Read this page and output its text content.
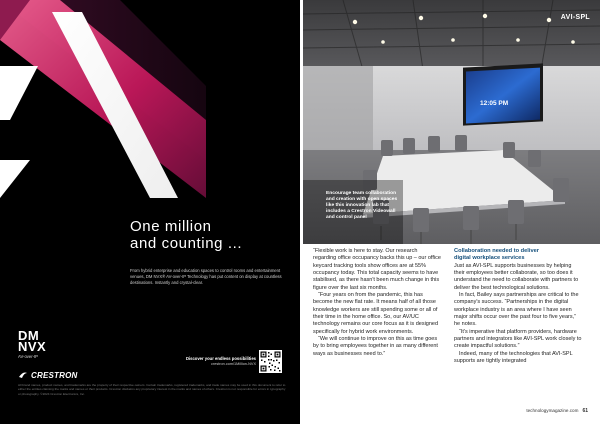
One million
and counting ...
From hybrid enterprise and education spaces to control rooms and entertainment venues, DM NVX® AV-over-IP Technology has put content on display at countless destinations. Instantly and crystal-clear.
DM
NVX
AV-over-IP
CRESTRON
Discover your endless possibilities
crestron.com/1Million-NVX
All brand names, product names, and trademarks are the property of their respective owners. Certain trademarks, registered trademarks, and trade names may be used in this document to refer to either the entities claiming the marks and names or their products. Crestron disclaims any proprietary interest in the marks and names of others. Crestron is not responsible for errors in typography or photography. ©2024 Crestron Electronics, Inc.
AVI-SPL
12:05 PM
Encourage team collaboration and creation with open spaces like this innovation lab that includes a Crestron Videowall and control panel

“Flexible work is here to stay. Our research regarding office occupancy backs this up – our office keycard tracking tools show offices are at 55% occupancy today. This total capacity seems to have stabilised, as there hasn't been much change in this figure over the last six months.

“Four years on from the pandemic, this has become the new flat rate. It means half of all those knowledge workers are still spending some or all of their time in the home office. So, our AV/UC technology remains our core focus as it is designed specifically for hybrid work environments.

“We will continue to improve on this as time goes by to bring employees together in as many different ways as businesses need to.”

Collaboration needed to deliver
digital workplace services

Just as AVI-SPL supports businesses by helping their employees better collaborate, so too does it understand the need to collaborate with partners to deliver the best technological solutions.

In fact, Bailey says partnerships are critical to the company's success. “Partnerships in the digital workplace industry is an area where I have seen major shifts occur over the past four to five years,” he notes.

“It's imperative that platform providers, hardware partners and integrators like AVI-SPL work closely to create impactful solutions.”

Indeed, many of the technologies that AVI-SPL supports are tightly integrated

technologymagazine.com 61
